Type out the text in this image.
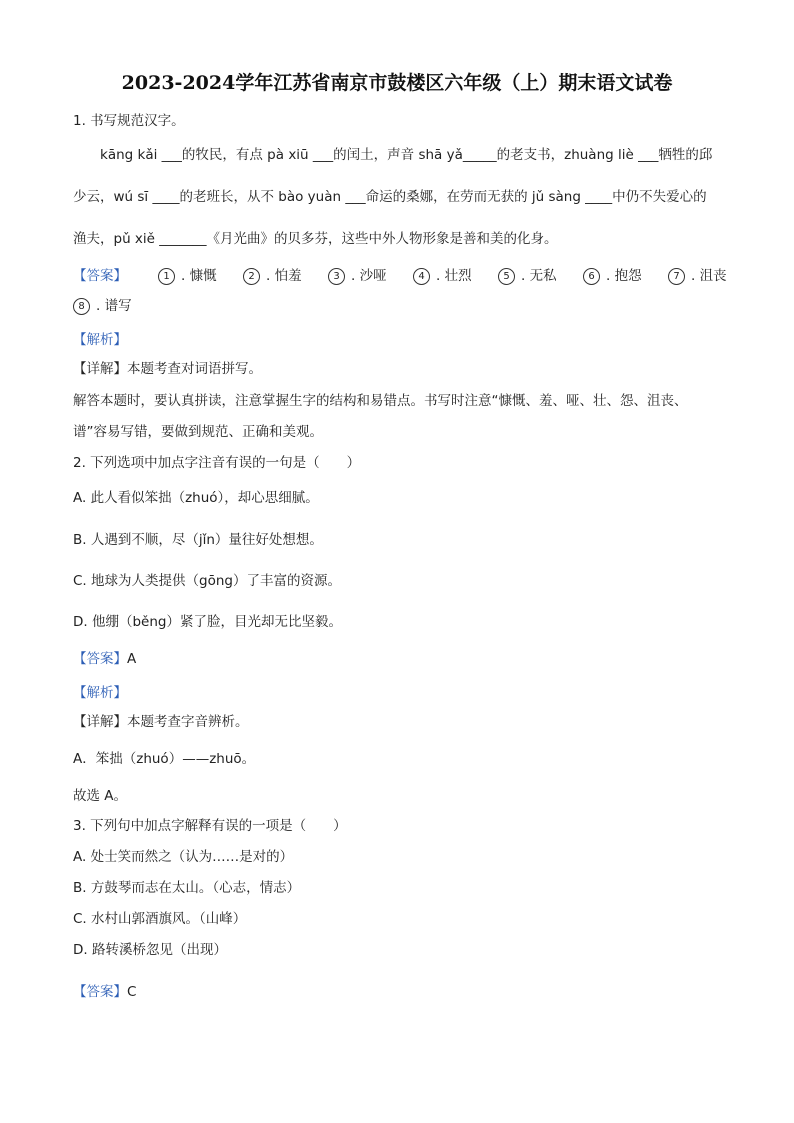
2023-2024学年江苏省南京市鼓楼区六年级（上）期末语文试卷
1. 书写规范汉字。
kāng kǎi ___的牧民，有点 pà xiū ___的闰土，声音 shā yǎ_____的老支书，zhuàng liè ___牺牲的邱
少云，wú sī ____的老班长，从不 bào yuàn ___命运的桑娜，在劳而无获的 jǔ sàng ____中仍不失爱心的
渔夫，pǔ xiě _______《月光曲》的贝多芬，这些中外人物形象是善和美的化身。
【答案】	1 . 慷慨	2 . 怕羞	3 . 沙哑	4 . 壮烈	5 . 无私	6 . 抱怨	7 . 沮丧
8 . 谱写
【解析】
【详解】本题考查对词语拼写。
解答本题时，要认真拼读，注意掌握生字的结构和易错点。书写时注意“慷慨、羞、哑、壮、怨、沮丧、
谱”容易写错，要做到规范、正确和美观。
2. 下列选项中加点字注音有误的一句是（　　）
A. 此人看似笨拙（zhuó），却心思细腻。
B. 人遇到不顺，尽（jǐn）量往好处想想。
C. 地球为人类提供（gōng）了丰富的资源。
D. 他绷（běng）紧了脸，目光却无比坚毅。
【答案】A
【解析】
【详解】本题考查字音辨析。
A．笨拙（zhuó）——zhuō。
故选 A。
3. 下列句中加点字解释有误的一项是（　　）
A. 处士笑而然之（认为……是对的）
B. 方鼓琴而志在太山。（心志，情志）
C. 水村山郭酒旗风。（山峰）
D. 路转溪桥忽见（出现）
【答案】C
